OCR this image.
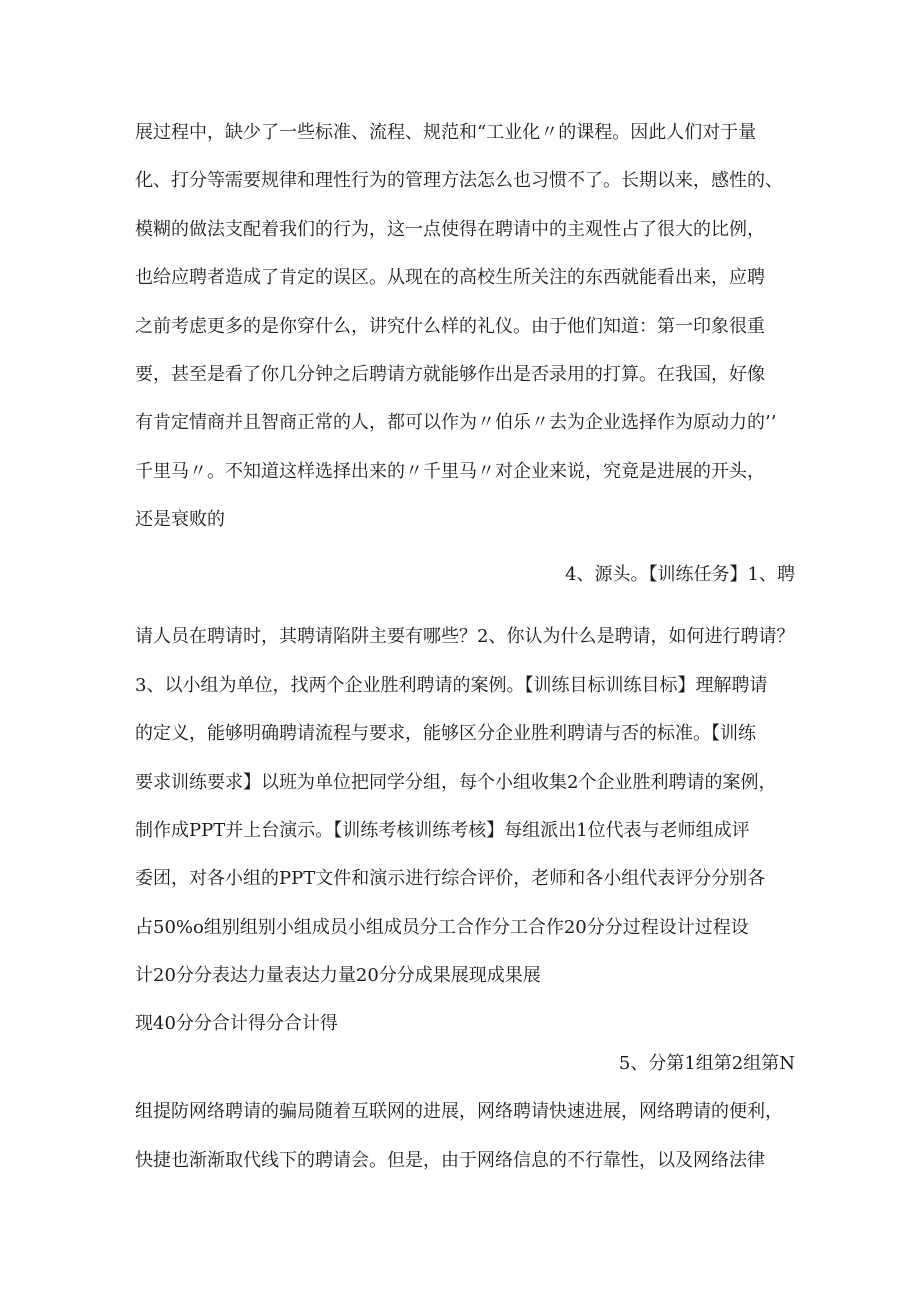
展过程中，缺少了一些标准、流程、规范和“工业化〃的课程。因此人们对于量
化、打分等需要规律和理性行为的管理方法怎么也习惯不了。长期以来，感性的、
模糊的做法支配着我们的行为，这一点使得在聘请中的主观性占了很大的比例，
也给应聘者造成了肯定的误区。从现在的高校生所关注的东西就能看出来，应聘
之前考虑更多的是你穿什么，讲究什么样的礼仪。由于他们知道：第一印象很重
要，甚至是看了你几分钟之后聘请方就能够作出是否录用的打算。在我国，好像
有肯定情商并且智商正常的人，都可以作为〃伯乐〃去为企业选择作为原动力的’’
千里马〃。不知道这样选择出来的〃千里马〃对企业来说，究竟是进展的开头，
还是衰败的
4、源头。【训练任务】1、聘
请人员在聘请时，其聘请陷阱主要有哪些？2、你认为什么是聘请，如何进行聘请？
3、以小组为单位，找两个企业胜利聘请的案例。【训练目标训练目标】理解聘请
的定义，能够明确聘请流程与要求，能够区分企业胜利聘请与否的标准。【训练
要求训练要求】以班为单位把同学分组，每个小组收集2个企业胜利聘请的案例，
制作成PPT并上台演示。【训练考核训练考核】每组派出1位代表与老师组成评
委团，对各小组的PPT文件和演示进行综合评价，老师和各小组代表评分分别各
占50%o组别组别小组成员小组成员分工合作分工合作20分分过程设计过程设
计20分分表达力量表达力量20分分成果展现成果展
现40分分合计得分合计得
5、分第1组第2组第N
组提防网络聘请的骗局随着互联网的进展，网络聘请快速进展，网络聘请的便利，
快捷也渐渐取代线下的聘请会。但是，由于网络信息的不行靠性，以及网络法律
